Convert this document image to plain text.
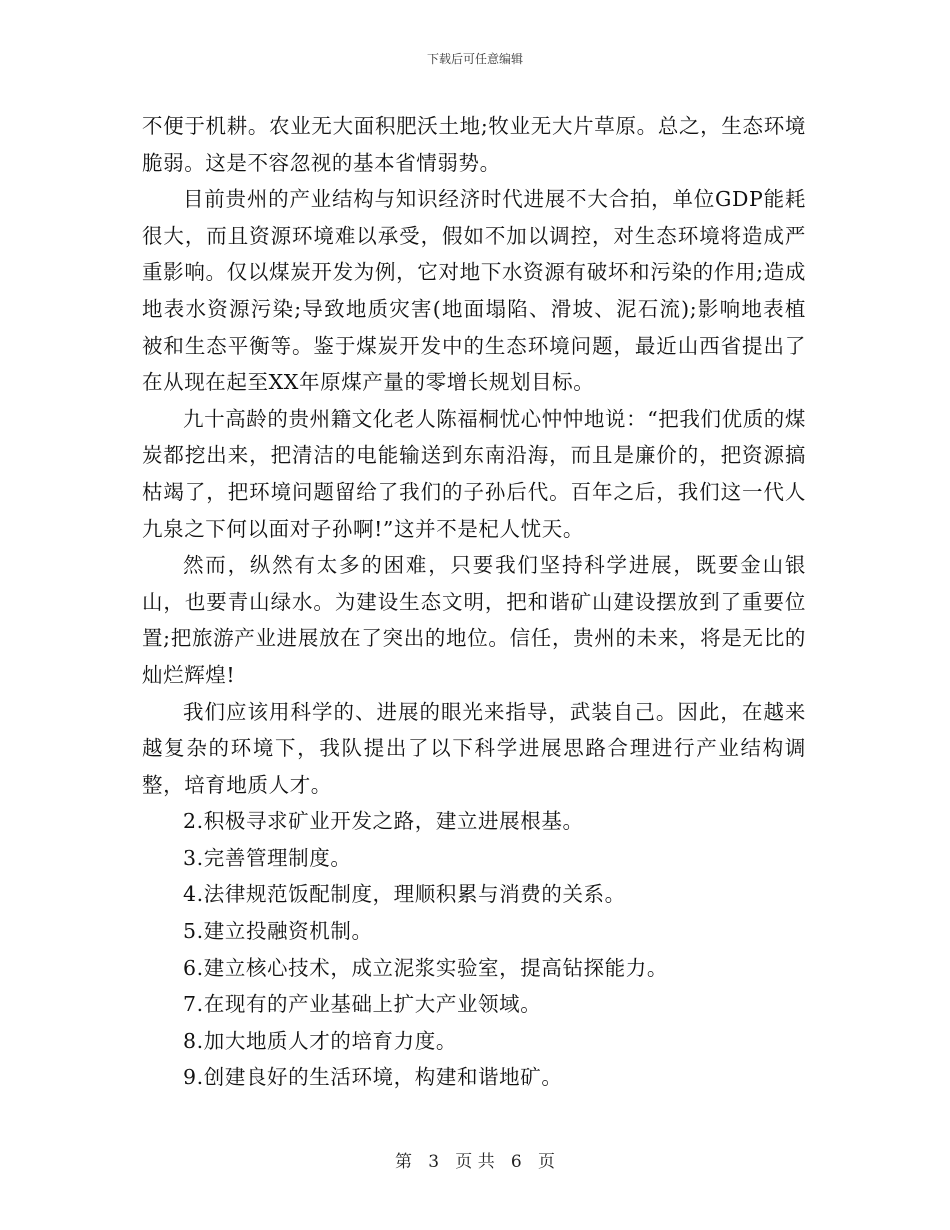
下载后可任意编辑

不便于机耕。农业无大面积肥沃土地;牧业无大片草原。总之，生态环境脆弱。这是不容忽视的基本省情弱势。

目前贵州的产业结构与知识经济时代进展不大合拍，单位GDP能耗很大，而且资源环境难以承受，假如不加以调控，对生态环境将造成严重影响。仅以煤炭开发为例，它对地下水资源有破坏和污染的作用;造成地表水资源污染;导致地质灾害(地面塌陷、滑坡、泥石流);影响地表植被和生态平衡等。鉴于煤炭开发中的生态环境问题，最近山西省提出了在从现在起至XX年原煤产量的零增长规划目标。

九十高龄的贵州籍文化老人陈福桐忧心忡忡地说：“把我们优质的煤炭都挖出来，把清洁的电能输送到东南沿海，而且是廉价的，把资源搞枯竭了，把环境问题留给了我们的子孙后代。百年之后，我们这一代人九泉之下何以面对子孙啊!”这并不是杞人忧天。

然而，纵然有太多的困难，只要我们坚持科学进展，既要金山银山，也要青山绿水。为建设生态文明，把和谐矿山建设摆放到了重要位置;把旅游产业进展放在了突出的地位。信任，贵州的未来，将是无比的灿烂辉煌!

我们应该用科学的、进展的眼光来指导，武装自己。因此，在越来越复杂的环境下，我队提出了以下科学进展思路合理进行产业结构调整，培育地质人才。

2.积极寻求矿业开发之路，建立进展根基。
3.完善管理制度。
4.法律规范饭配制度，理顺积累与消费的关系。
5.建立投融资机制。
6.建立核心技术，成立泥浆实验室，提高钻探能力。
7.在现有的产业基础上扩大产业领域。
8.加大地质人才的培育力度。
9.创建良好的生活环境，构建和谐地矿。
第 3 页 共 6 页
